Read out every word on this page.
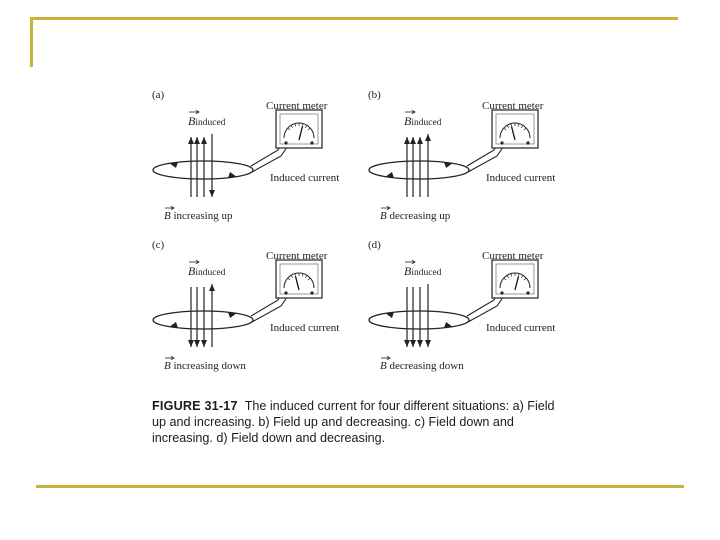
(a)
Current meter
Binduced
Induced current
B increasing up
(b)
Current meter
Binduced
Induced current
B decreasing up
(c)
Current meter
Binduced
Induced current
B increasing down
(d)
Current meter
Binduced
Induced current
B decreasing down
FIGURE 31-17 The induced current for four different situations: a) Field up and increasing. b) Field up and decreasing. c) Field down and increasing. d) Field down and decreasing.
